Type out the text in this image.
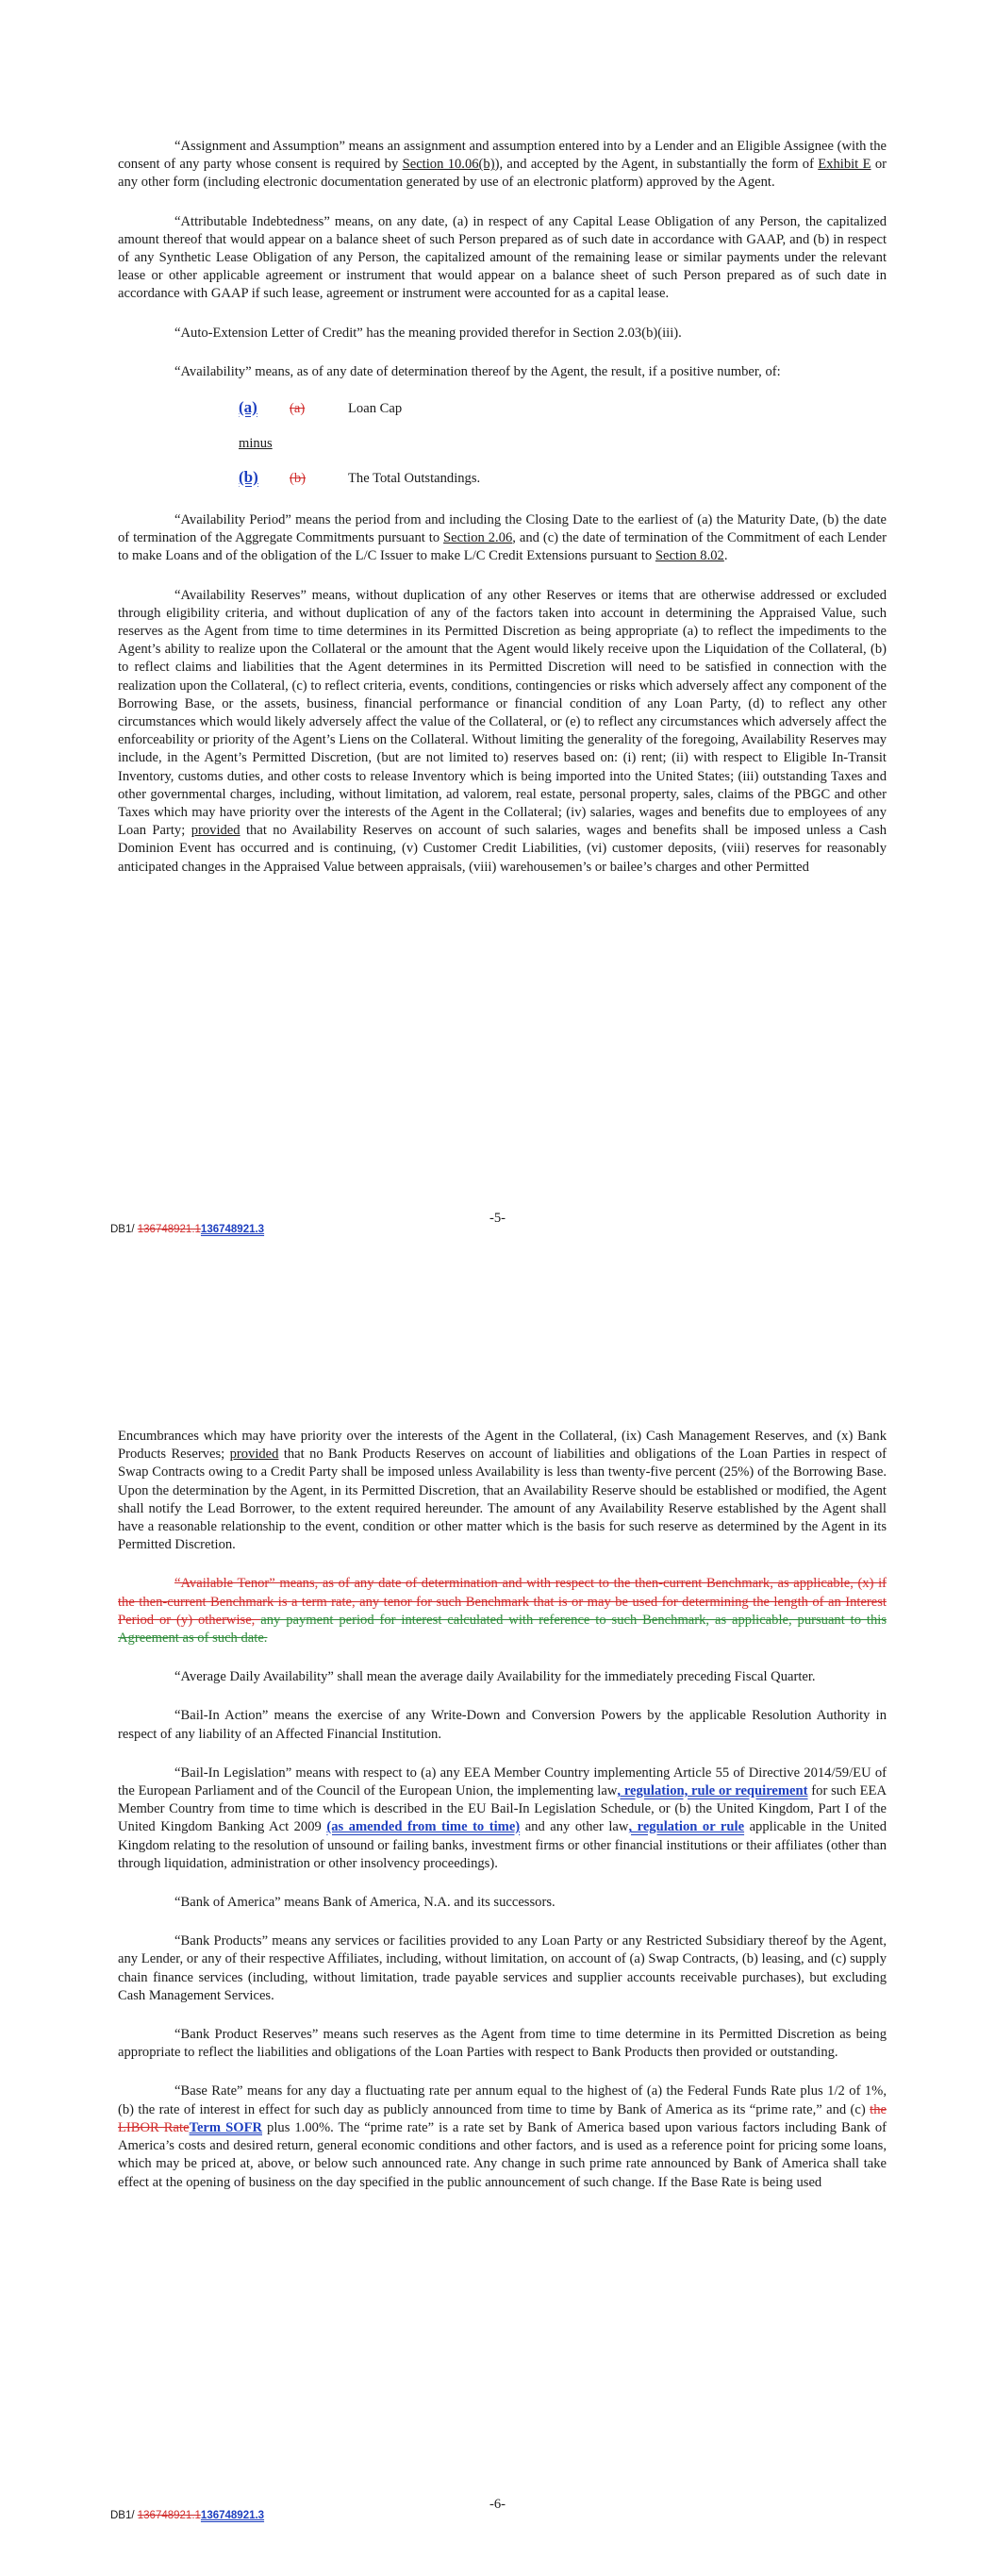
“Assignment and Assumption” means an assignment and assumption entered into by a Lender and an Eligible Assignee (with the consent of any party whose consent is required by Section 10.06(b)), and accepted by the Agent, in substantially the form of Exhibit E or any other form (including electronic documentation generated by use of an electronic platform) approved by the Agent.

“Attributable Indebtedness” means, on any date, (a) in respect of any Capital Lease Obligation of any Person, the capitalized amount thereof that would appear on a balance sheet of such Person prepared as of such date in accordance with GAAP, and (b) in respect of any Synthetic Lease Obligation of any Person, the capitalized amount of the remaining lease or similar payments under the relevant lease or other applicable agreement or instrument that would appear on a balance sheet of such Person prepared as of such date in accordance with GAAP if such lease, agreement or instrument were accounted for as a capital lease.

“Auto-Extension Letter of Credit” has the meaning provided therefor in Section 2.03(b)(iii).

“Availability” means, as of any date of determination thereof by the Agent, the result, if a positive number, of:

(a)	(a)	Loan Cap
minus
(b)	(b)	The Total Outstandings.

“Availability Period” means the period from and including the Closing Date to the earliest of (a) the Maturity Date, (b) the date of termination of the Aggregate Commitments pursuant to Section 2.06, and (c) the date of termination of the Commitment of each Lender to make Loans and of the obligation of the L/C Issuer to make L/C Credit Extensions pursuant to Section 8.02.

“Availability Reserves” means, without duplication of any other Reserves or items that are otherwise addressed or excluded through eligibility criteria, and without duplication of any of the factors taken into account in determining the Appraised Value, such reserves as the Agent from time to time determines in its Permitted Discretion as being appropriate (a) to reflect the impediments to the Agent’s ability to realize upon the Collateral or the amount that the Agent would likely receive upon the Liquidation of the Collateral, (b) to reflect claims and liabilities that the Agent determines in its Permitted Discretion will need to be satisfied in connection with the realization upon the Collateral, (c) to reflect criteria, events, conditions, contingencies or risks which adversely affect any component of the Borrowing Base, or the assets, business, financial performance or financial condition of any Loan Party, (d) to reflect any other circumstances which would likely adversely affect the value of the Collateral, or (e) to reflect any circumstances which adversely affect the enforceability or priority of the Agent’s Liens on the Collateral. Without limiting the generality of the foregoing, Availability Reserves may include, in the Agent’s Permitted Discretion, (but are not limited to) reserves based on: (i) rent; (ii) with respect to Eligible In-Transit Inventory, customs duties, and other costs to release Inventory which is being imported into the United States; (iii) outstanding Taxes and other governmental charges, including, without limitation, ad valorem, real estate, personal property, sales, claims of the PBGC and other Taxes which may have priority over the interests of the Agent in the Collateral; (iv) salaries, wages and benefits due to employees of any Loan Party; provided that no Availability Reserves on account of such salaries, wages and benefits shall be imposed unless a Cash Dominion Event has occurred and is continuing, (v) Customer Credit Liabilities, (vi) customer deposits, (viii) reserves for reasonably anticipated changes in the Appraised Value between appraisals, (viii) warehousemen’s or bailee’s charges and other Permitted

DB1/ 136748921.1136748921.3
-5-

Encumbrances which may have priority over the interests of the Agent in the Collateral, (ix) Cash Management Reserves, and (x) Bank Products Reserves; provided that no Bank Products Reserves on account of liabilities and obligations of the Loan Parties in respect of Swap Contracts owing to a Credit Party shall be imposed unless Availability is less than twenty-five percent (25%) of the Borrowing Base. Upon the determination by the Agent, in its Permitted Discretion, that an Availability Reserve should be established or modified, the Agent shall notify the Lead Borrower, to the extent required hereunder. The amount of any Availability Reserve established by the Agent shall have a reasonable relationship to the event, condition or other matter which is the basis for such reserve as determined by the Agent in its Permitted Discretion.

“Available Tenor” means, as of any date of determination and with respect to the then-current Benchmark, as applicable, (x) if the then-current Benchmark is a term rate, any tenor for such Benchmark that is or may be used for determining the length of an Interest Period or (y) otherwise, any payment period for interest calculated with reference to such Benchmark, as applicable, pursuant to this Agreement as of such date.

“Average Daily Availability” shall mean the average daily Availability for the immediately preceding Fiscal Quarter.

“Bail-In Action” means the exercise of any Write-Down and Conversion Powers by the applicable Resolution Authority in respect of any liability of an Affected Financial Institution.

“Bail-In Legislation” means with respect to (a) any EEA Member Country implementing Article 55 of Directive 2014/59/EU of the European Parliament and of the Council of the European Union, the implementing law, regulation, rule or requirement for such EEA Member Country from time to time which is described in the EU Bail-In Legislation Schedule, or (b) the United Kingdom, Part I of the United Kingdom Banking Act 2009 (as amended from time to time) and any other law, regulation or rule applicable in the United Kingdom relating to the resolution of unsound or failing banks, investment firms or other financial institutions or their affiliates (other than through liquidation, administration or other insolvency proceedings).

“Bank of America” means Bank of America, N.A. and its successors.

“Bank Products” means any services or facilities provided to any Loan Party or any Restricted Subsidiary thereof by the Agent, any Lender, or any of their respective Affiliates, including, without limitation, on account of (a) Swap Contracts, (b) leasing, and (c) supply chain finance services (including, without limitation, trade payable services and supplier accounts receivable purchases), but excluding Cash Management Services.

“Bank Product Reserves” means such reserves as the Agent from time to time determine in its Permitted Discretion as being appropriate to reflect the liabilities and obligations of the Loan Parties with respect to Bank Products then provided or outstanding.

“Base Rate” means for any day a fluctuating rate per annum equal to the highest of (a) the Federal Funds Rate plus 1/2 of 1%, (b) the rate of interest in effect for such day as publicly announced from time to time by Bank of America as its “prime rate,” and (c) the LIBOR RateTerm SOFR plus 1.00%. The “prime rate” is a rate set by Bank of America based upon various factors including Bank of America’s costs and desired return, general economic conditions and other factors, and is used as a reference point for pricing some loans, which may be priced at, above, or below such announced rate. Any change in such prime rate announced by Bank of America shall take effect at the opening of business on the day specified in the public announcement of such change. If the Base Rate is being used

DB1/ 136748921.1136748921.3
-6-
